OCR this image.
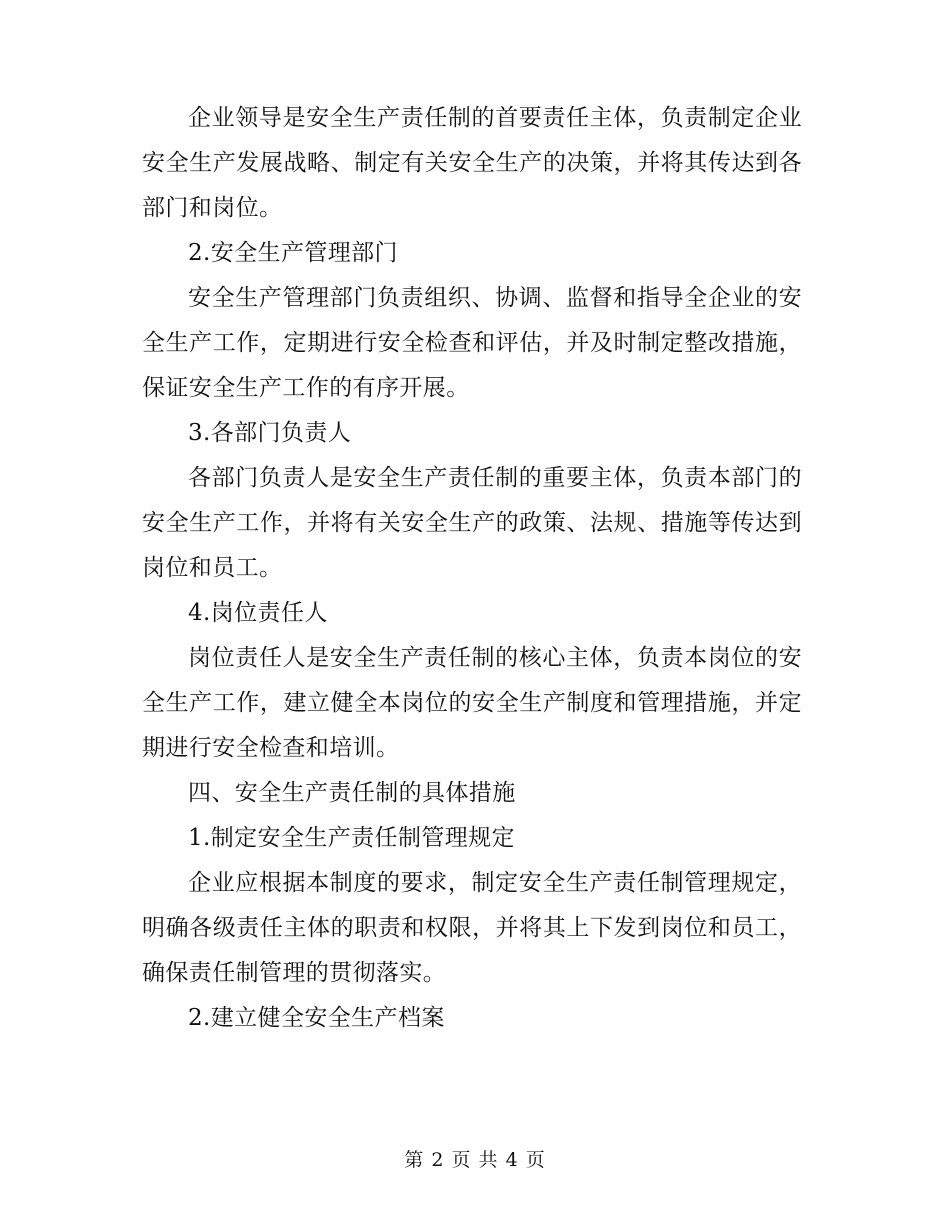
企业领导是安全生产责任制的首要责任主体，负责制定企业安全生产发展战略、制定有关安全生产的决策，并将其传达到各部门和岗位。

2.安全生产管理部门

安全生产管理部门负责组织、协调、监督和指导全企业的安全生产工作，定期进行安全检查和评估，并及时制定整改措施，保证安全生产工作的有序开展。

3.各部门负责人

各部门负责人是安全生产责任制的重要主体，负责本部门的安全生产工作，并将有关安全生产的政策、法规、措施等传达到岗位和员工。

4.岗位责任人

岗位责任人是安全生产责任制的核心主体，负责本岗位的安全生产工作，建立健全本岗位的安全生产制度和管理措施，并定期进行安全检查和培训。

四、安全生产责任制的具体措施

1.制定安全生产责任制管理规定

企业应根据本制度的要求，制定安全生产责任制管理规定，明确各级责任主体的职责和权限，并将其上下发到岗位和员工，确保责任制管理的贯彻落实。

2.建立健全安全生产档案

第 2 页 共 4 页
